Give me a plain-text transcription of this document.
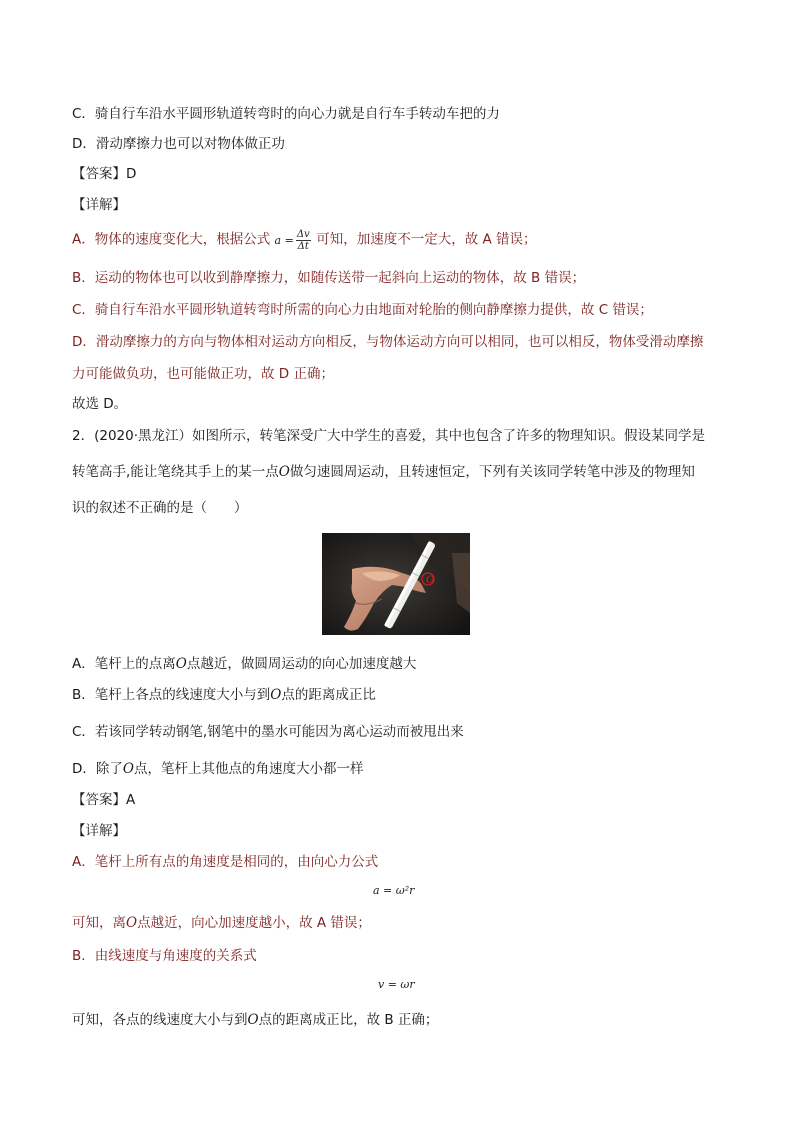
C．骑自行车沿水平圆形轨道转弯时的向心力就是自行车手转动车把的力
D．滑动摩擦力也可以对物体做正功
【答案】D
【详解】
A．物体的速度变化大，根据公式 $a = \frac{\Delta v}{\Delta t}$ 可知，加速度不一定大，故 A 错误；
B．运动的物体也可以收到静摩擦力，如随传送带一起斜向上运动的物体，故 B 错误；
C．骑自行车沿水平圆形轨道转弯时所需的向心力由地面对轮胎的侧向静摩擦力提供，故 C 错误；
D．滑动摩擦力的方向与物体相对运动方向相反，与物体运动方向可以相同，也可以相反，物体受滑动摩擦
力可能做负功，也可能做正功，故 D 正确；
故选 D。
2．(2020·黑龙江）如图所示，转笔深受广大中学生的喜爱，其中也包含了许多的物理知识。假设某同学是
转笔高手,能让笔绕其手上的某一点O做匀速圆周运动，且转速恒定，下列有关该同学转笔中涉及的物理知
识的叙述不正确的是（　　）
O
A．笔杆上的点离O点越近，做圆周运动的向心加速度越大
B．笔杆上各点的线速度大小与到O点的距离成正比
C．若该同学转动钢笔,钢笔中的墨水可能因为离心运动而被甩出来
D．除了O点，笔杆上其他点的角速度大小都一样
【答案】A
【详解】
A．笔杆上所有点的角速度是相同的，由向心力公式
a = ω²r
可知，离O点越近，向心加速度越小，故 A 错误；
B．由线速度与角速度的关系式
v = ωr
可知，各点的线速度大小与到O点的距离成正比，故 B 正确；
